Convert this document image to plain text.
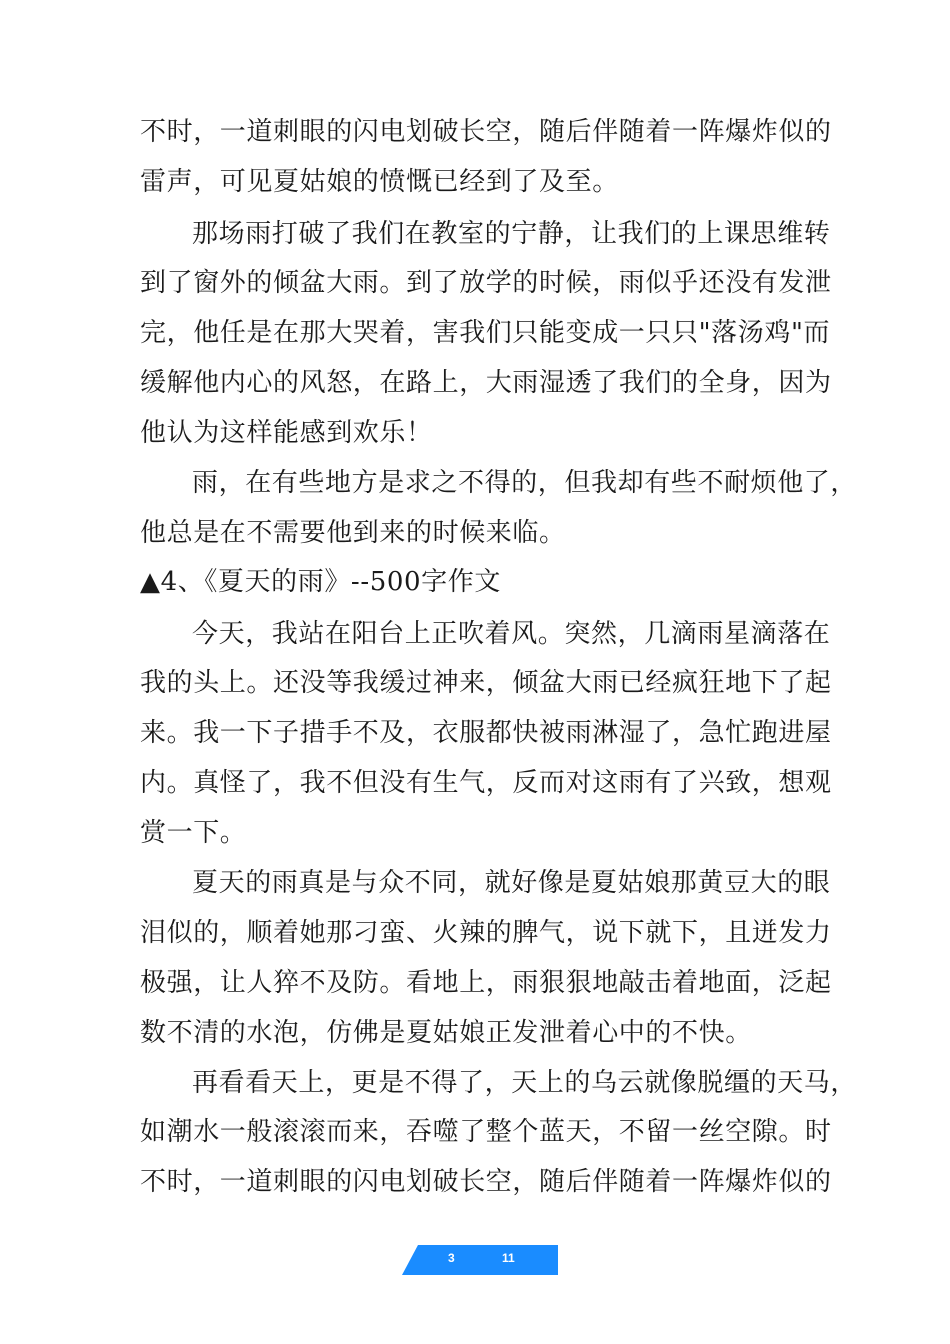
不时，一道刺眼的闪电划破长空，随后伴随着一阵爆炸似的
雷声，可见夏姑娘的愤慨已经到了及至。
那场雨打破了我们在教室的宁静，让我们的上课思维转
到了窗外的倾盆大雨。到了放学的时候，雨似乎还没有发泄
完，他任是在那大哭着，害我们只能变成一只只"落汤鸡"而
缓解他内心的风怒，在路上，大雨湿透了我们的全身，因为
他认为这样能感到欢乐！
雨，在有些地方是求之不得的，但我却有些不耐烦他了，
他总是在不需要他到来的时候来临。
▲4、《夏天的雨》--500字作文
今天，我站在阳台上正吹着风。突然，几滴雨星滴落在
我的头上。还没等我缓过神来，倾盆大雨已经疯狂地下了起
来。我一下子措手不及，衣服都快被雨淋湿了，急忙跑进屋
内。真怪了，我不但没有生气，反而对这雨有了兴致，想观
赏一下。
夏天的雨真是与众不同，就好像是夏姑娘那黄豆大的眼
泪似的，顺着她那刁蛮、火辣的脾气，说下就下，且迸发力
极强，让人猝不及防。看地上，雨狠狠地敲击着地面，泛起
数不清的水泡，仿佛是夏姑娘正发泄着心中的不快。
再看看天上，更是不得了，天上的乌云就像脱缰的天马，
如潮水一般滚滚而来，吞噬了整个蓝天，不留一丝空隙。时
不时，一道刺眼的闪电划破长空，随后伴随着一阵爆炸似的
3	11
